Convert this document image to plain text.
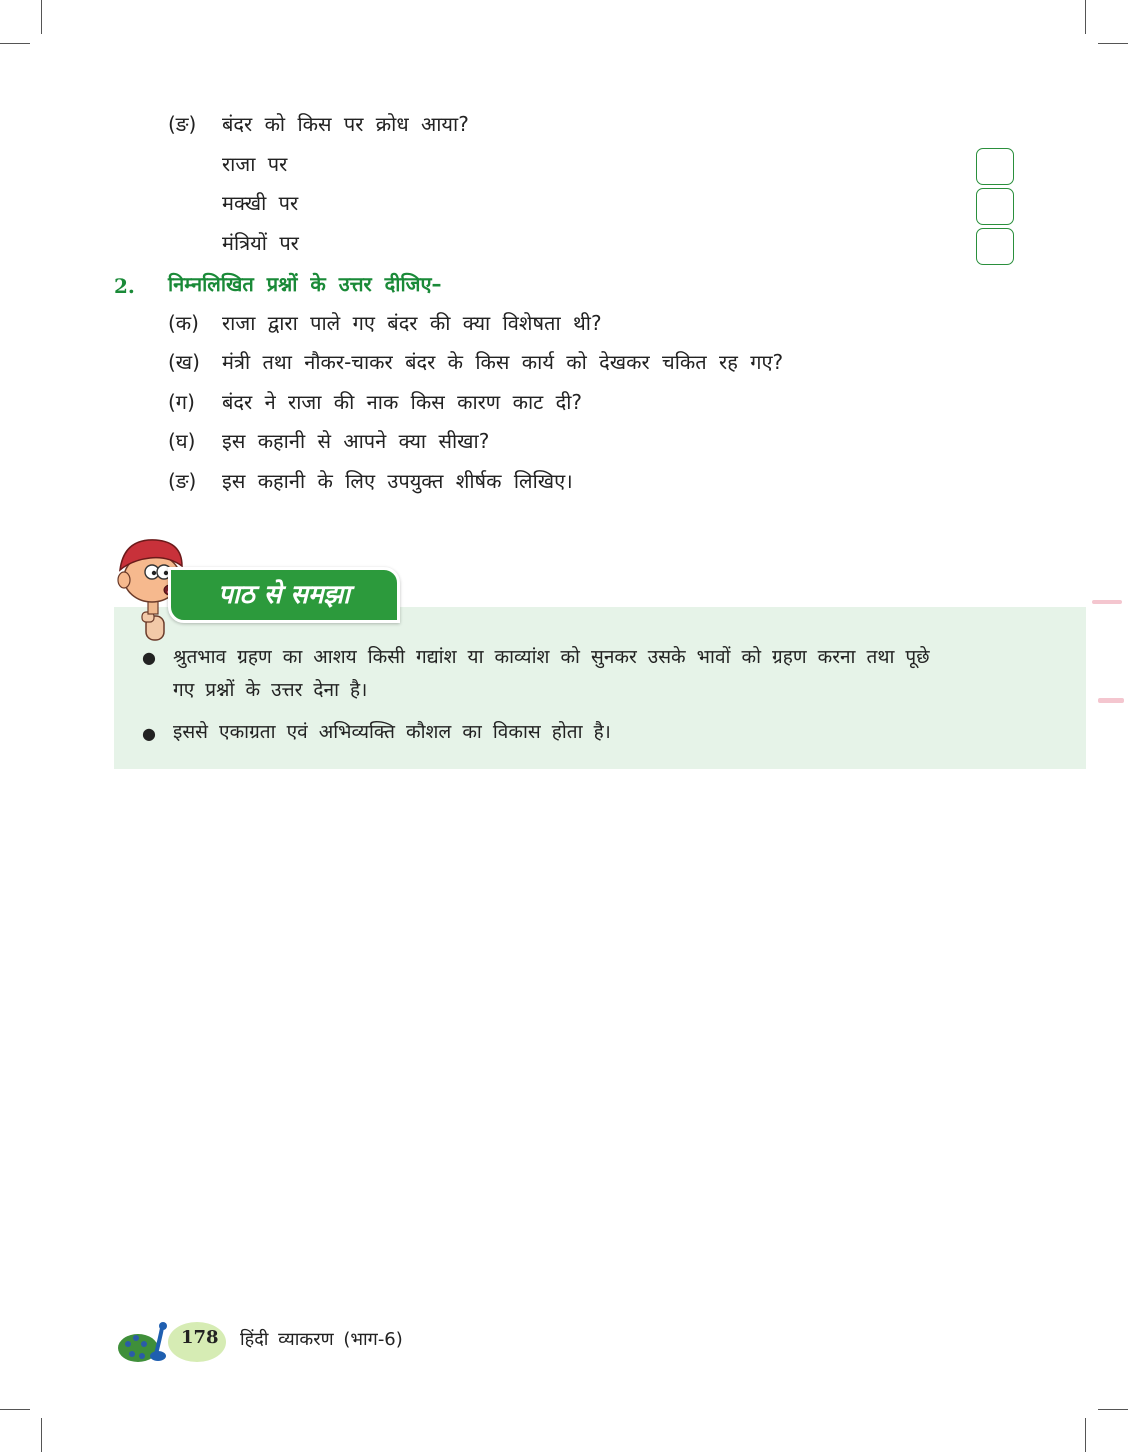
(ङ) बंदर को किस पर क्रोध आया?
राजा पर
मक्खी पर
मंत्रियों पर
2. निम्नलिखित प्रश्नों के उत्तर दीजिए–
(क) राजा द्वारा पाले गए बंदर की क्या विशेषता थी?
(ख) मंत्री तथा नौकर-चाकर बंदर के किस कार्य को देखकर चकित रह गए?
(ग) बंदर ने राजा की नाक किस कारण काट दी?
(घ) इस कहानी से आपने क्या सीखा?
(ङ) इस कहानी के लिए उपयुक्त शीर्षक लिखिए।
पाठ से समझा
● श्रुतभाव ग्रहण का आशय किसी गद्यांश या काव्यांश को सुनकर उसके भावों को ग्रहण करना तथा पूछे
गए प्रश्नों के उत्तर देना है।
● इससे एकाग्रता एवं अभिव्यक्ति कौशल का विकास होता है।
178 हिंदी व्याकरण (भाग-6)
